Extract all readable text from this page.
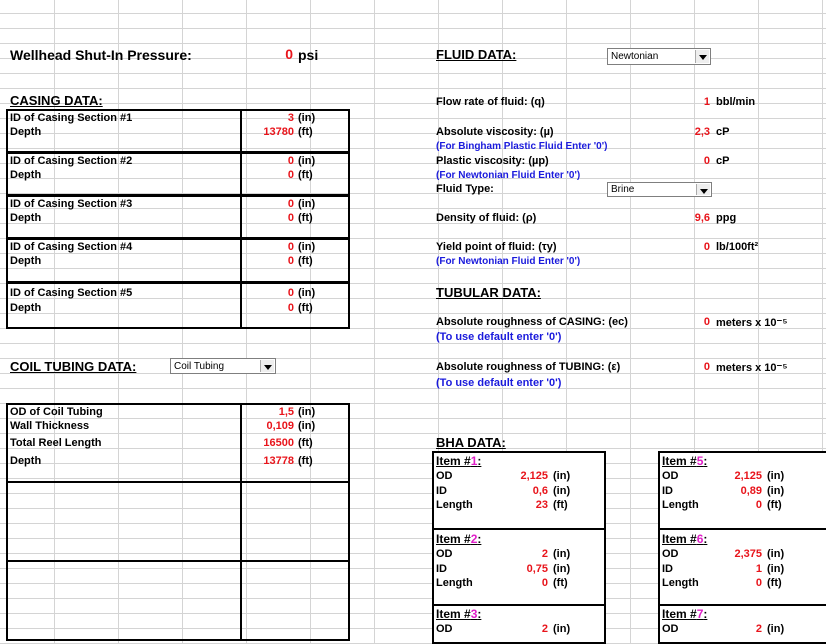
Wellhead Shut-In Pressure:	0 psi
CASING DATA:
ID of Casing Section #1	3 (in)
Depth	13780 (ft)
ID of Casing Section #2	0 (in)
Depth	0 (ft)
ID of Casing Section #3	0 (in)
Depth	0 (ft)
ID of Casing Section #4	0 (in)
Depth	0 (ft)
ID of Casing Section #5	0 (in)
Depth	0 (ft)
COIL TUBING DATA:	Coil Tubing
OD of Coil Tubing	1,5 (in)
Wall Thickness	0,109 (in)
Total Reel Length	16500 (ft)
Depth	13778 (ft)
FLUID DATA:	Newtonian
Flow rate of fluid: (q)	1 bbl/min
Absolute viscosity: (µ)	2,3 cP
(For Bingham Plastic Fluid Enter '0')
Plastic viscosity: (µp)	0 cP
(For Newtonian Fluid Enter '0')
Fluid Type:	Brine
Density of fluid: (ρ)	9,6 ppg
Yield point of fluid: (τy)	0 lb/100ft²
(For Newtonian Fluid Enter '0')
TUBULAR DATA:
Absolute roughness of CASING: (ec)	0 meters x 10⁻⁵
(To use default enter '0')
Absolute roughness of TUBING: (ε)	0 meters x 10⁻⁵
(To use default enter '0')
BHA DATA:
Item #1:
OD	2,125 (in)
ID	0,6 (in)
Length	23 (ft)
Item #2:
OD	2 (in)
ID	0,75 (in)
Length	0 (ft)
Item #3:
OD	2 (in)
Item #5:
OD	2,125 (in)
ID	0,89 (in)
Length	0 (ft)
Item #6:
OD	2,375 (in)
ID	1 (in)
Length	0 (ft)
Item #7:
OD	2 (in)
